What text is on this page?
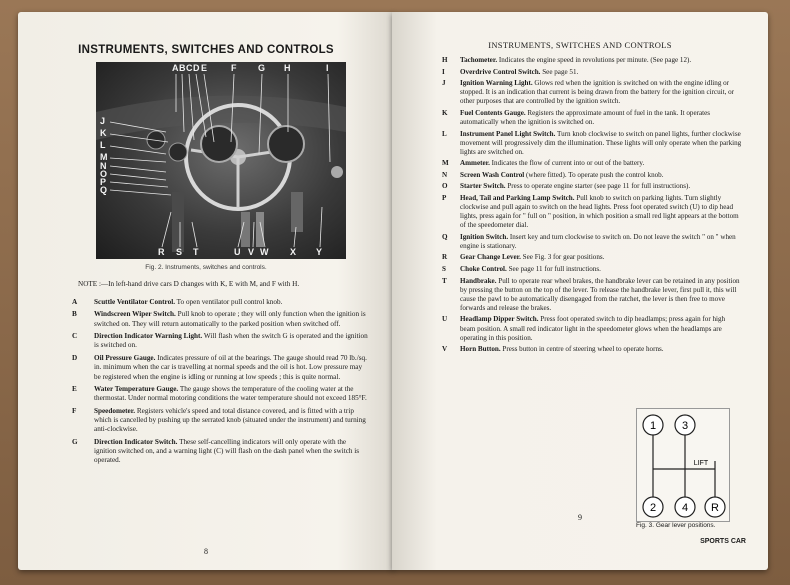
INSTRUMENTS, SWITCHES AND CONTROLS
A B C D E	F G H	I
J
K
L
M
N
O
P
Q
R S T	U V W X Y
Fig. 2. Instruments, switches and controls.
NOTE :—In left-hand drive cars D changes with K, E with M, and F with H.
A	Scuttle Ventilator Control. To open ventilator pull control knob.
B	Windscreen Wiper Switch. Pull knob to operate ; they will only function when the ignition is switched on. They will return automatically to the parked position when switched off.
C	Direction Indicator Warning Light. Will flash when the switch G is operated and the ignition is switched on.
D	Oil Pressure Gauge. Indicates pressure of oil at the bearings. The gauge should read 70 lb./sq. in. minimum when the car is travelling at normal speeds and the oil is hot. Low pressure may be registered when the engine is idling or running at low speeds ; this is quite normal.
E	Water Temperature Gauge. The gauge shows the temperature of the cooling water at the thermostat. Under normal motoring conditions the water temperature should not exceed 185°F.
F	Speedometer. Registers vehicle's speed and total distance covered, and is fitted with a trip which is cancelled by pushing up the serrated knob (situated under the instrument) and turning anti-clockwise.
G	Direction Indicator Switch. These self-cancelling indicators will only operate with the ignition switched on, and a warning light (C) will flash on the dash panel when the switch is operated.
8
INSTRUMENTS, SWITCHES AND CONTROLS
H	Tachometer. Indicates the engine speed in revolutions per minute. (See page 12).
I	Overdrive Control Switch. See page 51.
J	Ignition Warning Light. Glows red when the ignition is switched on with the engine idling or stopped. It is an indication that current is being drawn from the battery for the ignition circuit, or other purposes that are controlled by the ignition switch.
K	Fuel Contents Gauge. Registers the approximate amount of fuel in the tank. It operates automatically when the ignition is switched on.
L	Instrument Panel Light Switch. Turn knob clockwise to switch on panel lights, further clockwise movement will progressively dim the illumination. These lights will only operate when the parking lights are switched on.
M	Ammeter. Indicates the flow of current into or out of the battery.
N	Screen Wash Control (where fitted). To operate push the control knob.
O	Starter Switch. Press to operate engine starter (see page 11 for full instructions).
P	Head, Tail and Parking Lamp Switch. Pull knob to switch on parking lights. Turn slightly clockwise and pull again to switch on the head lights. Press foot operated switch (U) to dip head lights, press again for " full on " position, in which position a small red light appears at the bottom of the speedometer dial.
Q	Ignition Switch. Insert key and turn clockwise to switch on. Do not leave the switch " on " when engine is stationary.
R	Gear Change Lever. See Fig. 3 for gear positions.
S	Choke Control. See page 11 for full instructions.
T	Handbrake. Pull to operate rear wheel brakes, the handbrake lever can be retained in any position by pressing the button on the top of the lever. To release the handbrake lever, first pull it, this will cause the pawl to be automatically disengaged from the ratchet, the lever is then free to move forwards and release the brakes.
U	Headlamp Dipper Switch. Press foot operated switch to dip headlamps; press again for high beam position. A small red indicator light in the speedometer glows when the headlamps are operating in this position.
V	Horn Button. Press button in centre of steering wheel to operate horns.
1 3
2 4 R
LIFT
Fig. 3. Gear lever positions.
9
SPORTS CAR
